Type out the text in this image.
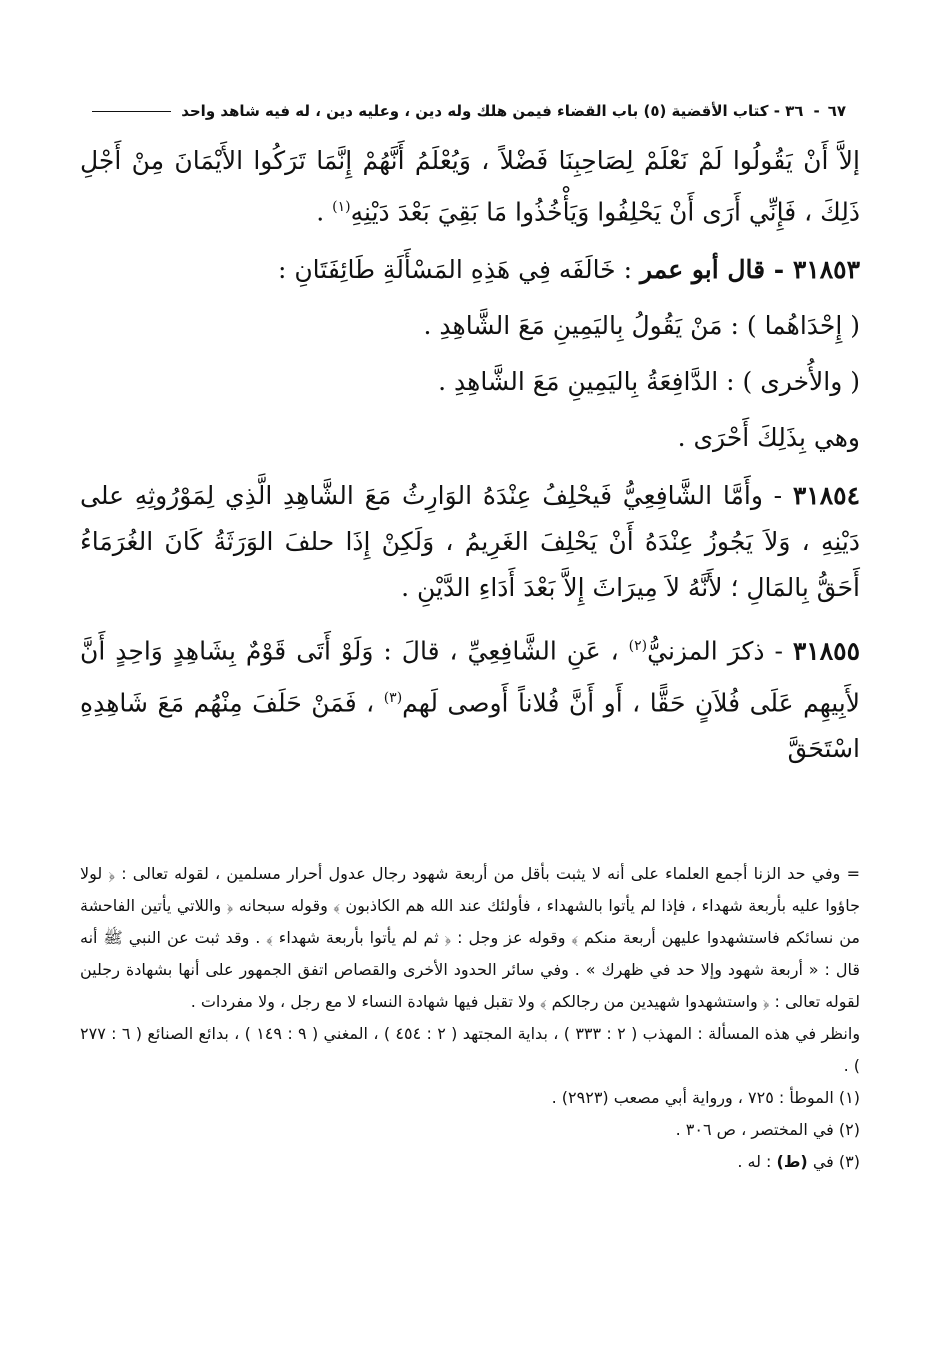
٦٧
-
٣٦ - كتاب الأقضية (٥) باب القضاء فيمن هلك وله دين ، وعليه دين ، له فيه شاهد واحد

إلاَّ أَنْ يَقُولُوا لَمْ نَعْلَمْ لِصَاحِبِنَا فَضْلاً ، وَيُعْلَمُ أَنَّهُمْ إِنَّمَا تَرَكُوا الأَيْمَانَ مِنْ أَجْلِ ذَلِكَ ، فَإِنِّي أَرَى أَنْ يَحْلِفُوا وَيَأْخُذُوا مَا بَقِيَ بَعْدَ دَيْنِهِ$^{(١)}$ .

٣١٨٥٣ - قال أبو عمر : خَالَفَه فِي هَذِهِ المَسْأَلَةِ طَائِفَتَانِ :

( إِحْدَاهُما ) : مَنْ يَقُولُ بِاليَمِينِ مَعَ الشَّاهِدِ .

( والأُخرى ) : الدَّافِعَةُ بِاليَمِينِ مَعَ الشَّاهِدِ .

وهي بِذَلِكَ أَحْرَى .

٣١٨٥٤ - وأَمَّا الشَّافِعِيُّ فَيحْلِفُ عِنْدَهُ الوَارِثُ مَعَ الشَّاهِدِ الَّذِي لِمَوْرُوثِهِ على دَيْنِهِ ، وَلاَ يَجُوزُ عِنْدَهُ أَنْ يَحْلِفَ الغَرِيمُ ، وَلَكِنْ إِذَا حلفَ الوَرَثَةُ كَانَ الغُرَمَاءُ أَحَقُّ بِالمَالِ ؛ لأَنَّهُ لاَ مِيرَاثَ إِلاَّ بَعْدَ أَدَاءِ الدَّيْنِ .

٣١٨٥٥ - ذكرَ المزنيُّ$^{(٢)}$ ، عَنِ الشَّافِعِيِّ ، قالَ : وَلَوْ أَتَى قَوْمٌ بِشَاهِدٍ وَاحِدٍ أَنَّ لأَبِيهِم عَلَى فُلاَنٍ حَقًّا ، أَو أَنَّ فُلاناً أَوصى لَهم$^{(٣)}$ ، فَمَنْ حَلَفَ مِنْهُم مَعَ شَاهِدِهِ اسْتَحَقَّ

= وفي حد الزنا أجمع العلماء على أنه لا يثبت بأقل من أربعة شهود رجال عدول أحرار مسلمين ، لقوله تعالى : ﴿ لولا جاؤوا عليه بأربعة شهداء ، فإذا لم يأتوا بالشهداء ، فأولئك عند الله هم الكاذبون ﴾ وقوله سبحانه ﴿ واللاتي يأتين الفاحشة من نسائكم فاستشهدوا عليهن أربعة منكم ﴾ وقوله عز وجل : ﴿ ثم لم يأتوا بأربعة شهداء ﴾ . وقد ثبت عن النبي ﷺ أنه قال : « أربعة شهود وإلا حد في ظهرك » . وفي سائر الحدود الأخرى والقصاص اتفق الجمهور على أنها بشهادة رجلين لقوله تعالى : ﴿ واستشهدوا شهيدين من رجالكم ﴾ ولا تقبل فيها شهادة النساء لا مع رجل ، ولا مفردات .

وانظر في هذه المسألة : المهذب ( ٢ : ٣٣٣ ) ، بداية المجتهد ( ٢ : ٤٥٤ ) ، المغني ( ٩ : ١٤٩ ) ، بدائع الصنائع ( ٦ : ٢٧٧ ) .

(١) الموطأ : ٧٢٥ ، ورواية أبي مصعب (٢٩٢٣) .

(٢) في المختصر ، ص ٣٠٦ .

(٣) في (ط) : له .
